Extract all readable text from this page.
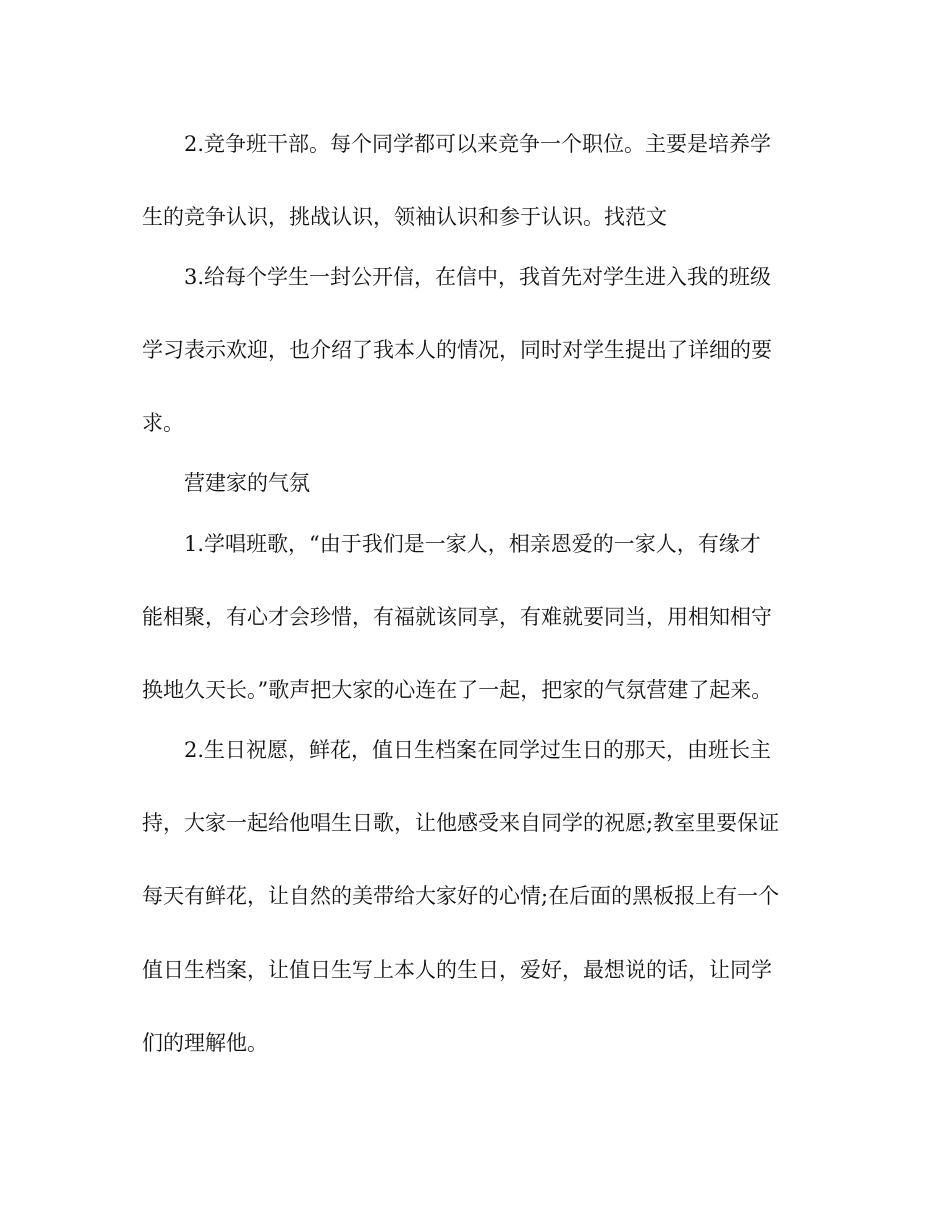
2.竞争班干部。每个同学都可以来竞争一个职位。主要是培养学
生的竞争认识，挑战认识，领袖认识和参于认识。找范文
3.给每个学生一封公开信，在信中，我首先对学生进入我的班级
学习表示欢迎，也介绍了我本人的情况，同时对学生提出了详细的要
求。
营建家的气氛
1.学唱班歌，“由于我们是一家人，相亲恩爱的一家人，有缘才
能相聚，有心才会珍惜，有福就该同享，有难就要同当，用相知相守
换地久天长。”歌声把大家的心连在了一起，把家的气氛营建了起来。
2.生日祝愿，鲜花，值日生档案在同学过生日的那天，由班长主
持，大家一起给他唱生日歌，让他感受来自同学的祝愿;教室里要保证
每天有鲜花，让自然的美带给大家好的心情;在后面的黑板报上有一个
值日生档案，让值日生写上本人的生日，爱好，最想说的话，让同学
们的理解他。
